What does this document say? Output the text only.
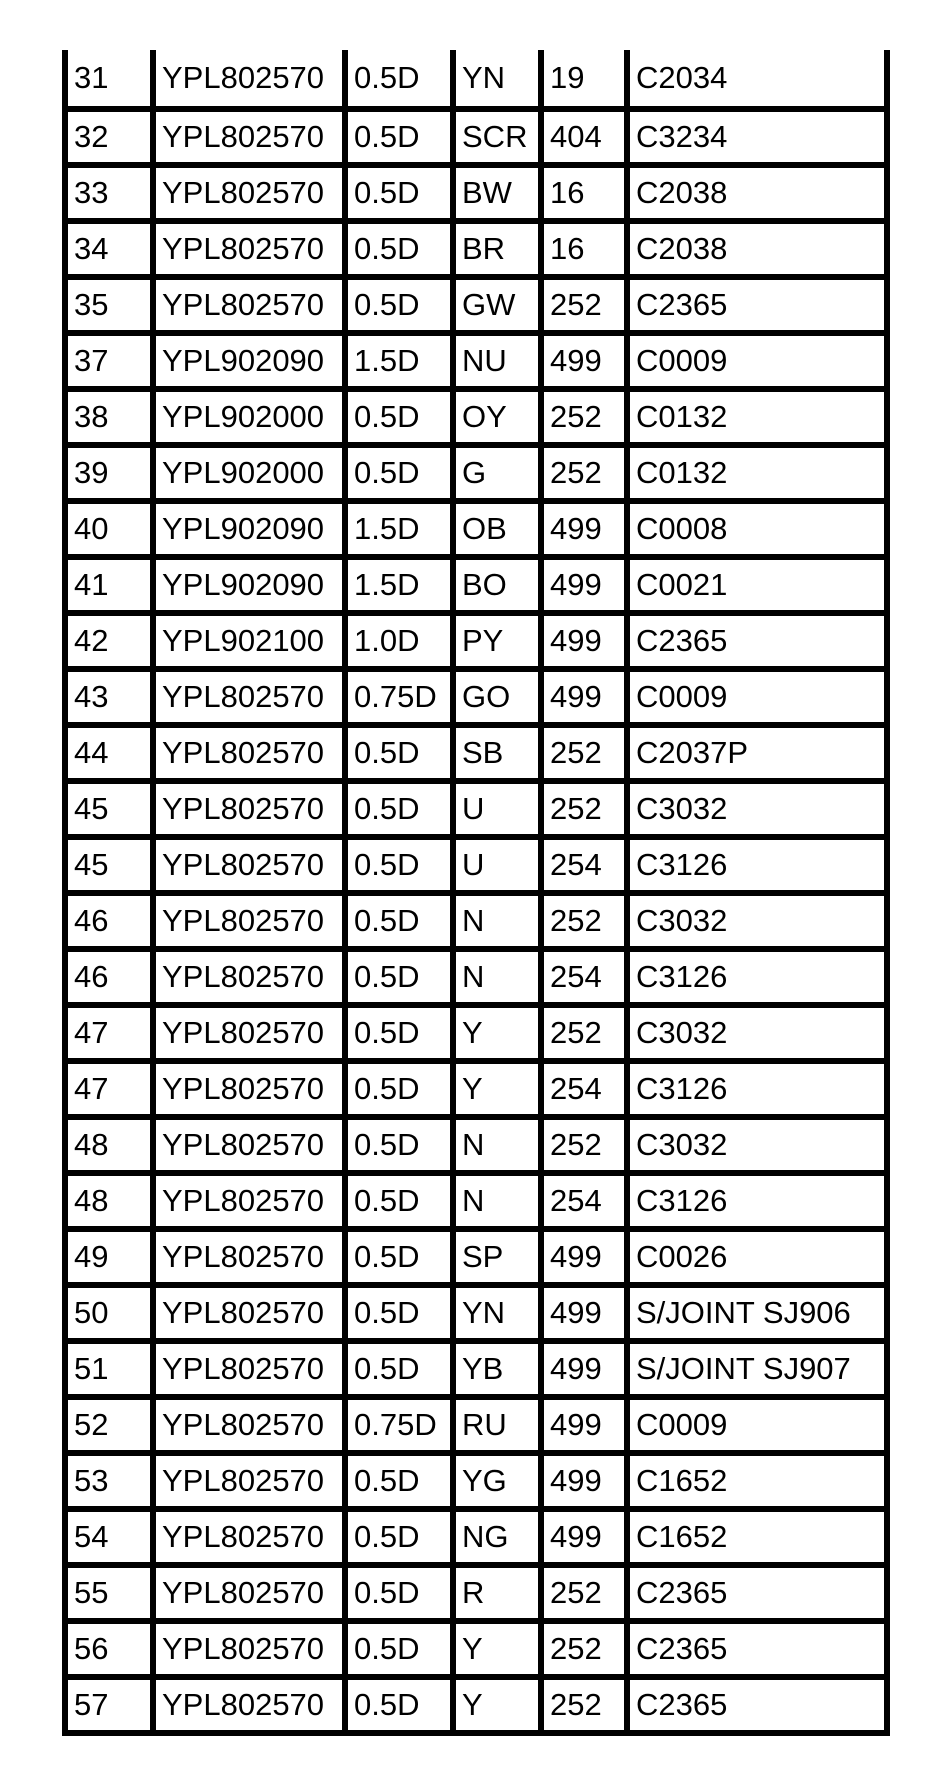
31	YPL802570	0.5D	YN	19	C2034
32	YPL802570	0.5D	SCR	404	C3234
33	YPL802570	0.5D	BW	16	C2038
34	YPL802570	0.5D	BR	16	C2038
35	YPL802570	0.5D	GW	252	C2365
37	YPL902090	1.5D	NU	499	C0009
38	YPL902000	0.5D	OY	252	C0132
39	YPL902000	0.5D	G	252	C0132
40	YPL902090	1.5D	OB	499	C0008
41	YPL902090	1.5D	BO	499	C0021
42	YPL902100	1.0D	PY	499	C2365
43	YPL802570	0.75D	GO	499	C0009
44	YPL802570	0.5D	SB	252	C2037P
45	YPL802570	0.5D	U	252	C3032
45	YPL802570	0.5D	U	254	C3126
46	YPL802570	0.5D	N	252	C3032
46	YPL802570	0.5D	N	254	C3126
47	YPL802570	0.5D	Y	252	C3032
47	YPL802570	0.5D	Y	254	C3126
48	YPL802570	0.5D	N	252	C3032
48	YPL802570	0.5D	N	254	C3126
49	YPL802570	0.5D	SP	499	C0026
50	YPL802570	0.5D	YN	499	S/JOINT SJ906
51	YPL802570	0.5D	YB	499	S/JOINT SJ907
52	YPL802570	0.75D	RU	499	C0009
53	YPL802570	0.5D	YG	499	C1652
54	YPL802570	0.5D	NG	499	C1652
55	YPL802570	0.5D	R	252	C2365
56	YPL802570	0.5D	Y	252	C2365
57	YPL802570	0.5D	Y	252	C2365
